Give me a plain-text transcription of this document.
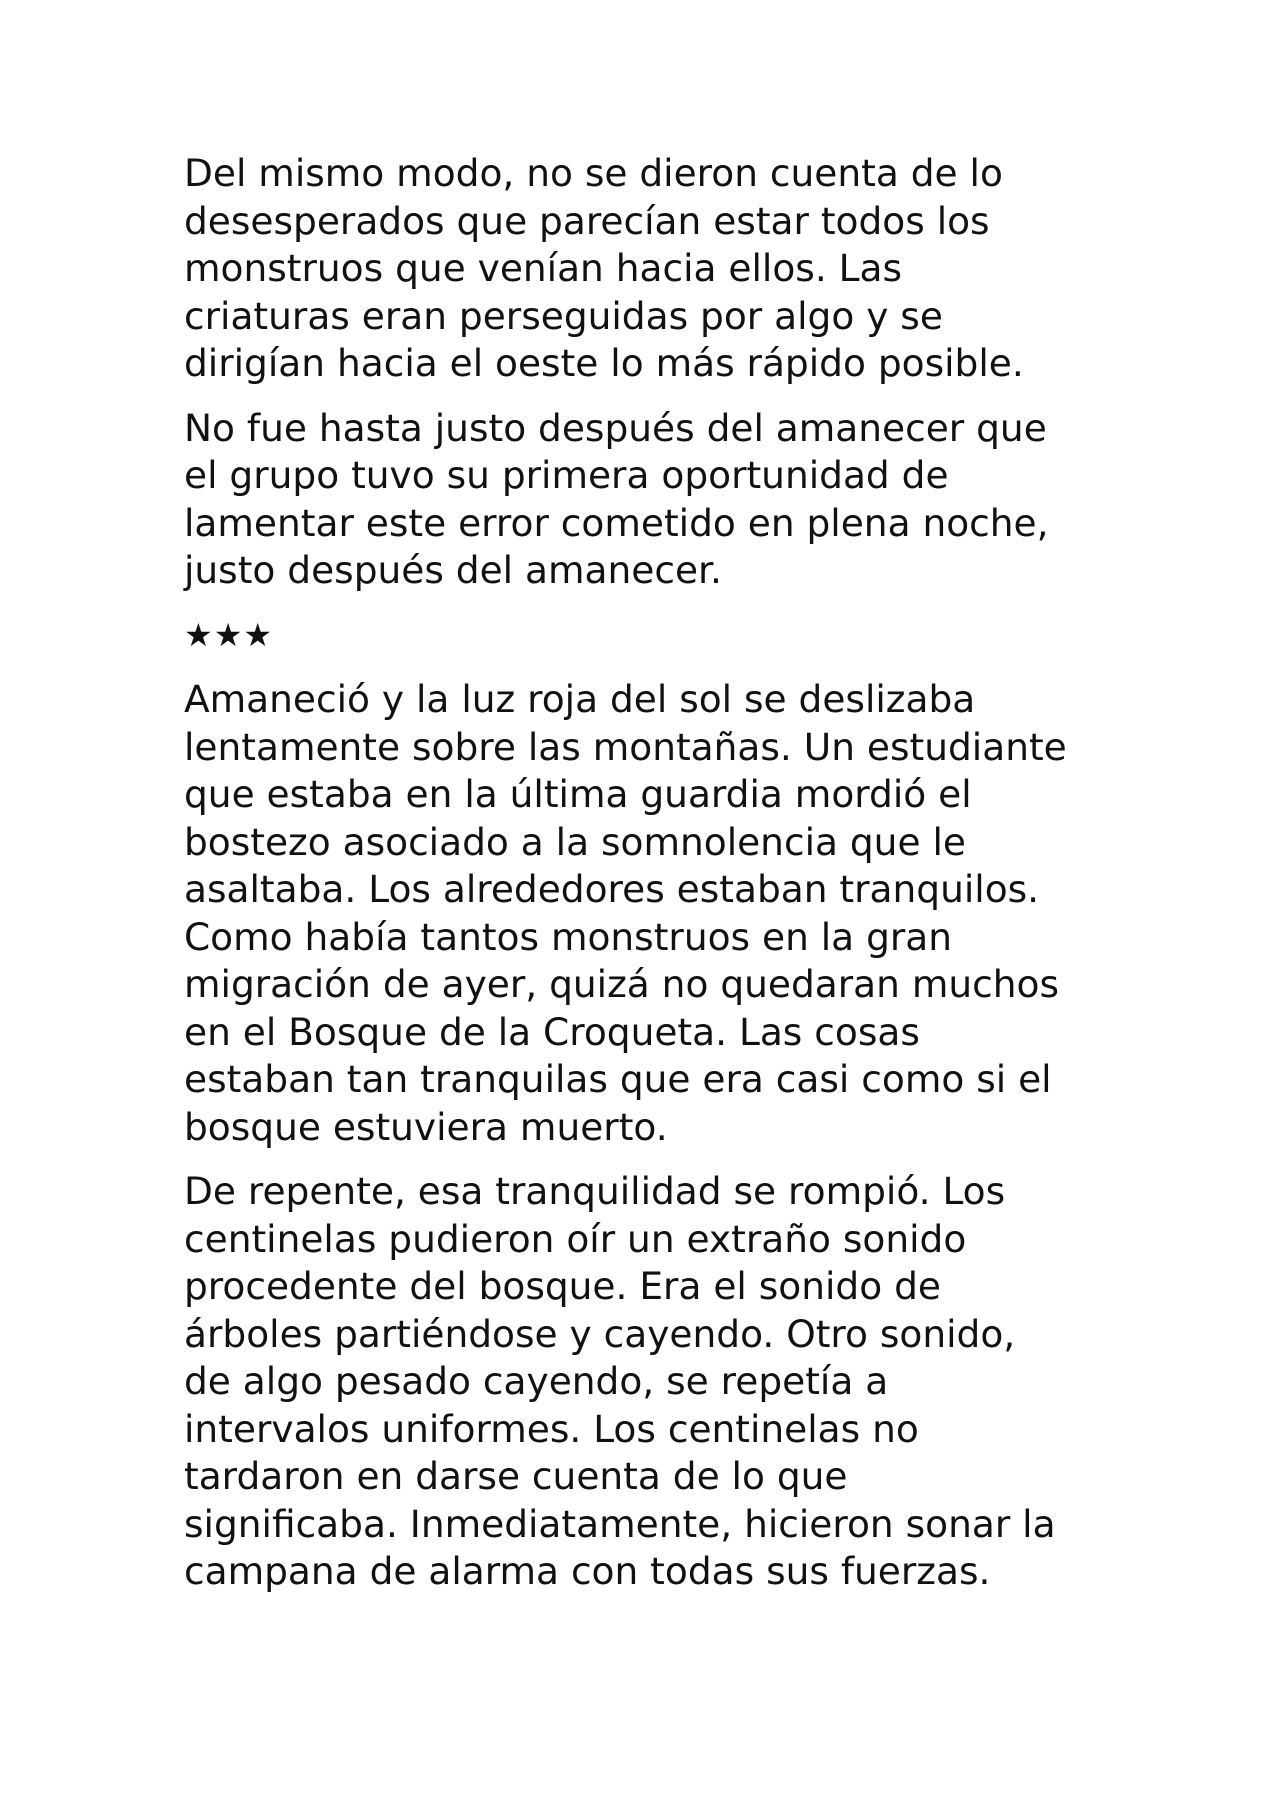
Del mismo modo, no se dieron cuenta de lo
desesperados que parecían estar todos los
monstruos que venían hacia ellos. Las
criaturas eran perseguidas por algo y se
dirigían hacia el oeste lo más rápido posible.

No fue hasta justo después del amanecer que
el grupo tuvo su primera oportunidad de
lamentar este error cometido en plena noche,
justo después del amanecer.

★★★

Amaneció y la luz roja del sol se deslizaba
lentamente sobre las montañas. Un estudiante
que estaba en la última guardia mordió el
bostezo asociado a la somnolencia que le
asaltaba. Los alrededores estaban tranquilos.
Como había tantos monstruos en la gran
migración de ayer, quizá no quedaran muchos
en el Bosque de la Croqueta. Las cosas
estaban tan tranquilas que era casi como si el
bosque estuviera muerto.

De repente, esa tranquilidad se rompió. Los
centinelas pudieron oír un extraño sonido
procedente del bosque. Era el sonido de
árboles partiéndose y cayendo. Otro sonido,
de algo pesado cayendo, se repetía a
intervalos uniformes. Los centinelas no
tardaron en darse cuenta de lo que
significaba. Inmediatamente, hicieron sonar la
campana de alarma con todas sus fuerzas.
